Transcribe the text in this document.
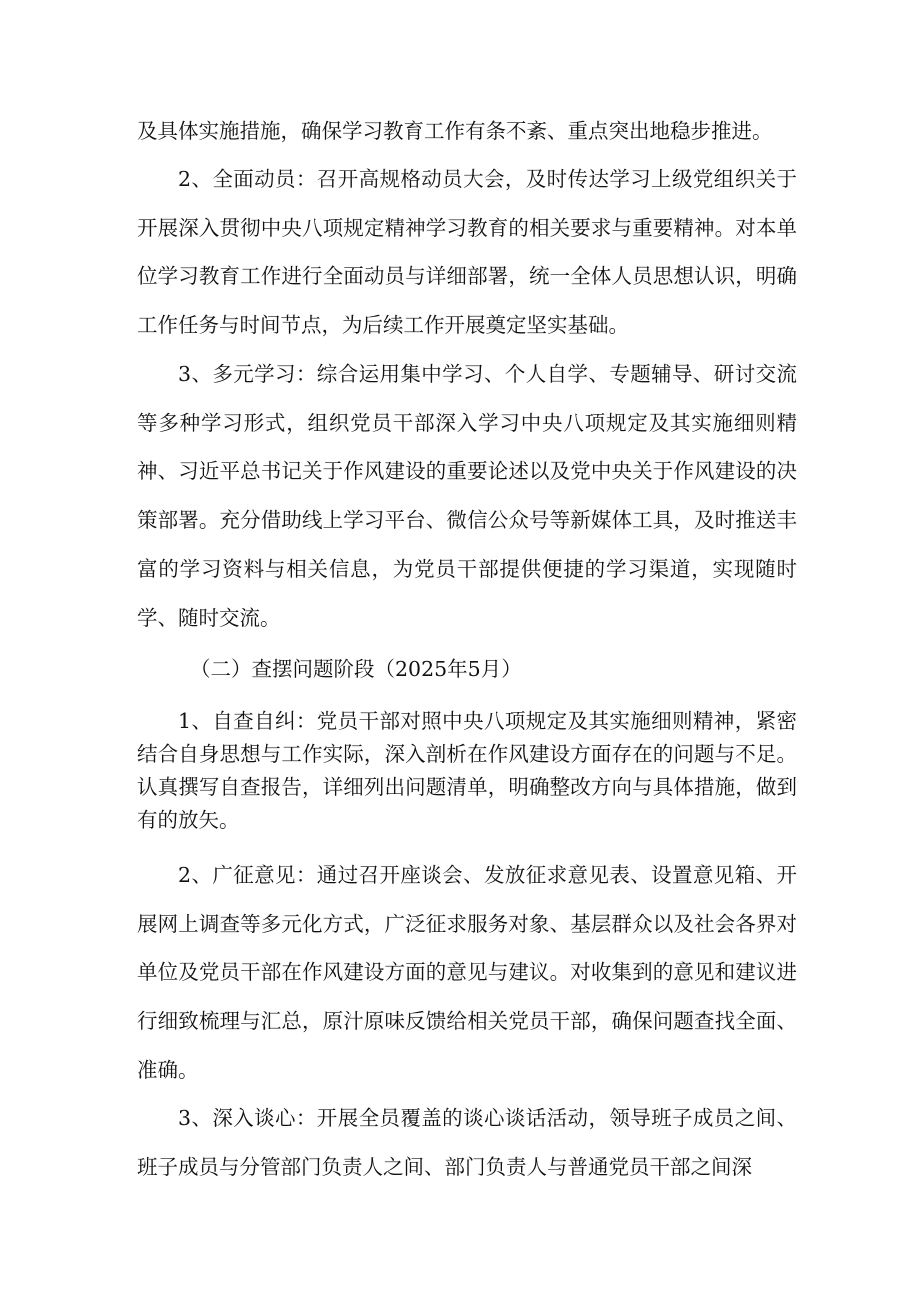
及具体实施措施，确保学习教育工作有条不紊、重点突出地稳步推进。

2、全面动员：召开高规格动员大会，及时传达学习上级党组织关于开展深入贯彻中央八项规定精神学习教育的相关要求与重要精神。对本单位学习教育工作进行全面动员与详细部署，统一全体人员思想认识，明确工作任务与时间节点，为后续工作开展奠定坚实基础。

3、多元学习：综合运用集中学习、个人自学、专题辅导、研讨交流等多种学习形式，组织党员干部深入学习中央八项规定及其实施细则精神、习近平总书记关于作风建设的重要论述以及党中央关于作风建设的决策部署。充分借助线上学习平台、微信公众号等新媒体工具，及时推送丰富的学习资料与相关信息，为党员干部提供便捷的学习渠道，实现随时学、随时交流。

（二）查摆问题阶段（2025年5月）

1、自查自纠：党员干部对照中央八项规定及其实施细则精神，紧密结合自身思想与工作实际，深入剖析在作风建设方面存在的问题与不足。认真撰写自查报告，详细列出问题清单，明确整改方向与具体措施，做到有的放矢。

2、广征意见：通过召开座谈会、发放征求意见表、设置意见箱、开展网上调查等多元化方式，广泛征求服务对象、基层群众以及社会各界对单位及党员干部在作风建设方面的意见与建议。对收集到的意见和建议进行细致梳理与汇总，原汁原味反馈给相关党员干部，确保问题查找全面、准确。

3、深入谈心：开展全员覆盖的谈心谈话活动，领导班子成员之间、班子成员与分管部门负责人之间、部门负责人与普通党员干部之间深
